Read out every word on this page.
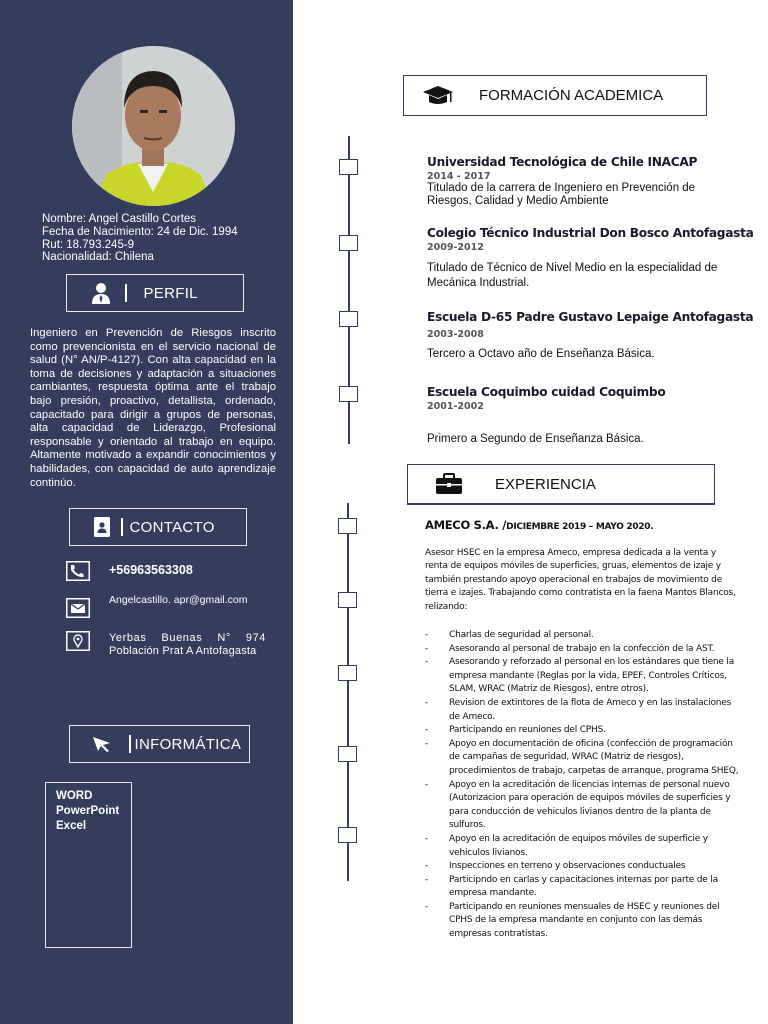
Nombre: Angel Castillo Cortes
Fecha de Nacimiento: 24 de Dic. 1994
Rut: 18.793.245-9
Nacionalidad: Chilena
PERFIL
Ingeniero en Prevención de Riesgos inscrito como prevencionista en el servicio nacional de salud (N° AN/P-4127). Con alta capacidad en la toma de decisiones y adaptación a situaciones cambiantes, respuesta óptima ante el trabajo bajo presión, proactivo, detallista, ordenado, capacitado para dirigir a grupos de personas, alta capacidad de Liderazgo, Profesional responsable y orientado al trabajo en equipo. Altamente motivado a expandir conocimientos y habilidades, con capacidad de auto aprendizaje continúo.
CONTACTO
+56963563308
Angelcastillo. apr@gmail.com
Yerbas Buenas N° 974
Población Prat A Antofagasta
INFORMÁTICA
WORD
PowerPoint
Excel
FORMACIÓN ACADEMICA
Universidad Tecnológica de Chile INACAP
2014 - 2017
Titulado de la carrera de Ingeniero en Prevención de Riesgos, Calidad y Medio Ambiente
Colegio Técnico Industrial Don Bosco Antofagasta
2009-2012
Titulado de Técnico de Nivel Medio en la especialidad de Mecánica Industrial.
Escuela D-65 Padre Gustavo Lepaige Antofagasta
2003-2008
Tercero a Octavo año de Enseñanza Básica.
Escuela Coquimbo cuidad Coquimbo
2001-2002
Primero a Segundo de Enseñanza Básica.
EXPERIENCIA
AMECO S.A. /DICIEMBRE 2019 – MAYO 2020.
Asesor HSEC en la empresa Ameco, empresa dedicada a la venta y renta de equipos móviles de superficies, gruas, elementos de izaje y también prestando apoyo operacional en trabajos de movimiento de tierra e izajes. Trabajando como contratista en la faena Mantos Blancos, relizando:
- Charlas de seguridad al personal.
- Asesorando al personal de trabajo en la confección de la AST.
- Asesorando y reforzado al personal en los estándares que tiene la empresa mandante (Reglas por la vida, EPEF, Controles Críticos, SLAM, WRAC (Matriz de Riesgos), entre otros).
- Revision de extintores de la flota de Ameco y en las instalaciones de Ameco.
- Participando en reuniones del CPHS.
- Apoyo en documentación de oficina (confección de programación de campañas de seguridad, WRAC (Matriz de riesgos), procedimientos de trabajo, carpetas de arranque, programa SHEQ,
- Apoyo en la acreditación de licencias internas de personal nuevo (Autorizacion para operación de equipos móviles de superficies y para conducción de vehiculos livianos dentro de la planta de sulfuros.
- Apoyo en la acreditación de equipos móviles de superficie y vehiculos livianos.
- Inspecciones en terreno y observaciones conductuales
- Participndo en carlas y capacitaciones internas por parte de la empresa mandante.
- Participando en reuniones mensuales de HSEC y reuniones del CPHS de la empresa mandante en conjunto con las demás empresas contratistas.
